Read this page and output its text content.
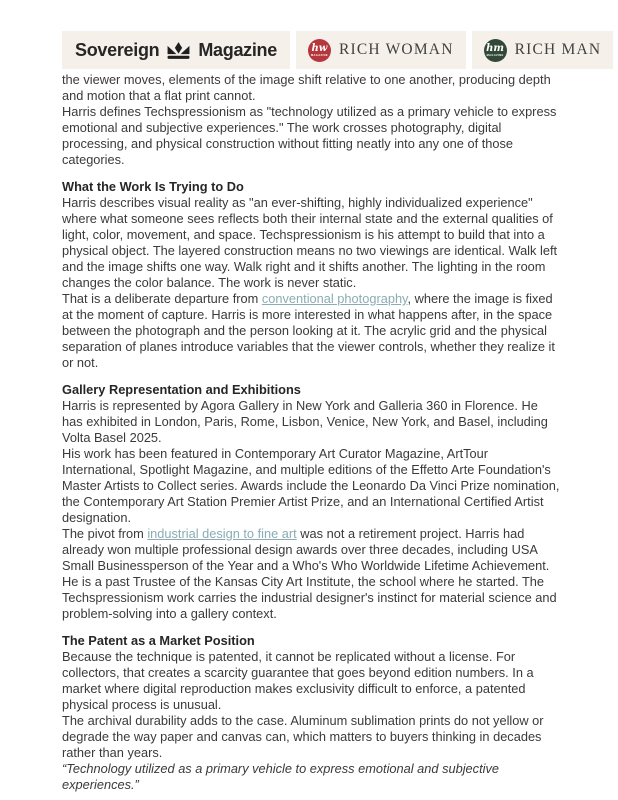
Sovereign Magazine	hw
MAGAZINE RICH WOMAN	hm
MAGAZINE RICH MAN

the viewer moves, elements of the image shift relative to one another, producing depth and motion that a flat print cannot.

Harris defines Techspressionism as "technology utilized as a primary vehicle to express emotional and subjective experiences." The work crosses photography, digital processing, and physical construction without fitting neatly into any one of those categories.

What the Work Is Trying to Do

Harris describes visual reality as "an ever-shifting, highly individualized experience" where what someone sees reflects both their internal state and the external qualities of light, color, movement, and space. Techspressionism is his attempt to build that into a physical object. The layered construction means no two viewings are identical. Walk left and the image shifts one way. Walk right and it shifts another. The lighting in the room changes the color balance. The work is never static.

That is a deliberate departure from conventional photography, where the image is fixed at the moment of capture. Harris is more interested in what happens after, in the space between the photograph and the person looking at it. The acrylic grid and the physical separation of planes introduce variables that the viewer controls, whether they realize it or not.

Gallery Representation and Exhibitions

Harris is represented by Agora Gallery in New York and Galleria 360 in Florence. He has exhibited in London, Paris, Rome, Lisbon, Venice, New York, and Basel, including Volta Basel 2025.

His work has been featured in Contemporary Art Curator Magazine, ArtTour International, Spotlight Magazine, and multiple editions of the Effetto Arte Foundation's Master Artists to Collect series. Awards include the Leonardo Da Vinci Prize nomination, the Contemporary Art Station Premier Artist Prize, and an International Certified Artist designation.

The pivot from industrial design to fine art was not a retirement project. Harris had already won multiple professional design awards over three decades, including USA Small Businessperson of the Year and a Who's Who Worldwide Lifetime Achievement. He is a past Trustee of the Kansas City Art Institute, the school where he started. The Techspressionism work carries the industrial designer's instinct for material science and problem-solving into a gallery context.

The Patent as a Market Position

Because the technique is patented, it cannot be replicated without a license. For collectors, that creates a scarcity guarantee that goes beyond edition numbers. In a market where digital reproduction makes exclusivity difficult to enforce, a patented physical process is unusual.

The archival durability adds to the case. Aluminum sublimation prints do not yellow or degrade the way paper and canvas can, which matters to buyers thinking in decades rather than years.

“Technology utilized as a primary vehicle to express emotional and subjective experiences.”
